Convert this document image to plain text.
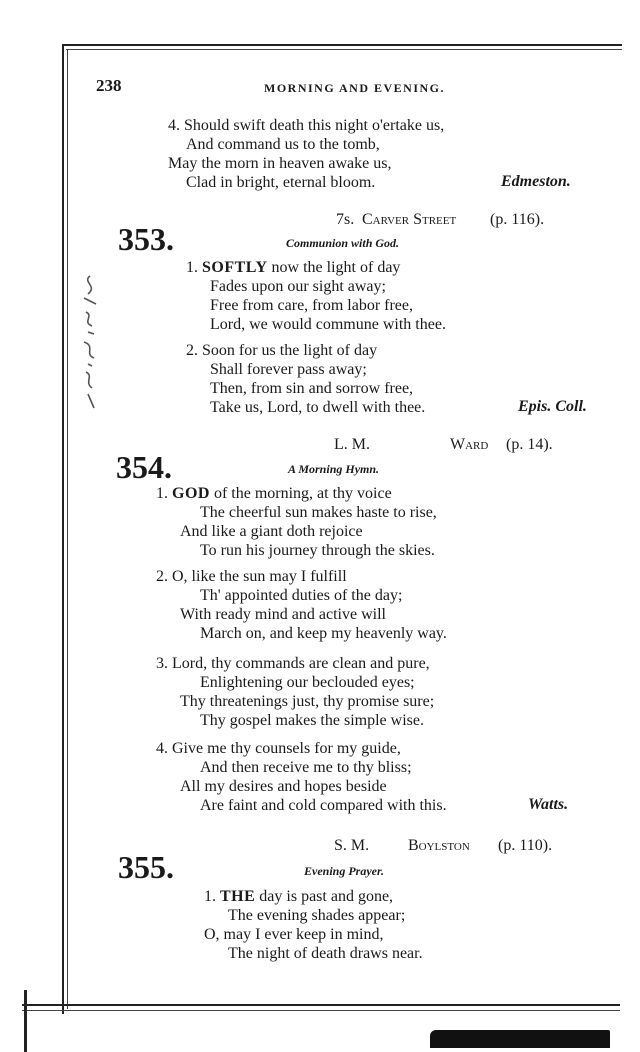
238	MORNING AND EVENING.
4. Should swift death this night o'ertake us,
And command us to the tomb,
May the morn in heaven awake us,
Clad in bright, eternal bloom.	Edmeston.
7s. Carver Street (p. 116).
353.	Communion with God.
1. SOFTLY now the light of day
Fades upon our sight away;
Free from care, from labor free,
Lord, we would commune with thee.
2. Soon for us the light of day
Shall forever pass away;
Then, from sin and sorrow free,
Take us, Lord, to dwell with thee.	Epis. Coll.
L. M.	Ward (p. 14).
354.	A Morning Hymn.
1. GOD of the morning, at thy voice
The cheerful sun makes haste to rise,
And like a giant doth rejoice
To run his journey through the skies.
2. O, like the sun may I fulfill
Th' appointed duties of the day;
With ready mind and active will
March on, and keep my heavenly way.
3. Lord, thy commands are clean and pure,
Enlightening our beclouded eyes;
Thy threatenings just, thy promise sure;
Thy gospel makes the simple wise.
4. Give me thy counsels for my guide,
And then receive me to thy bliss;
All my desires and hopes beside
Are faint and cold compared with this.	Watts.
S. M. Boylston (p. 110).
355.	Evening Prayer.
1. THE day is past and gone,
The evening shades appear;
O, may I ever keep in mind,
The night of death draws near.
